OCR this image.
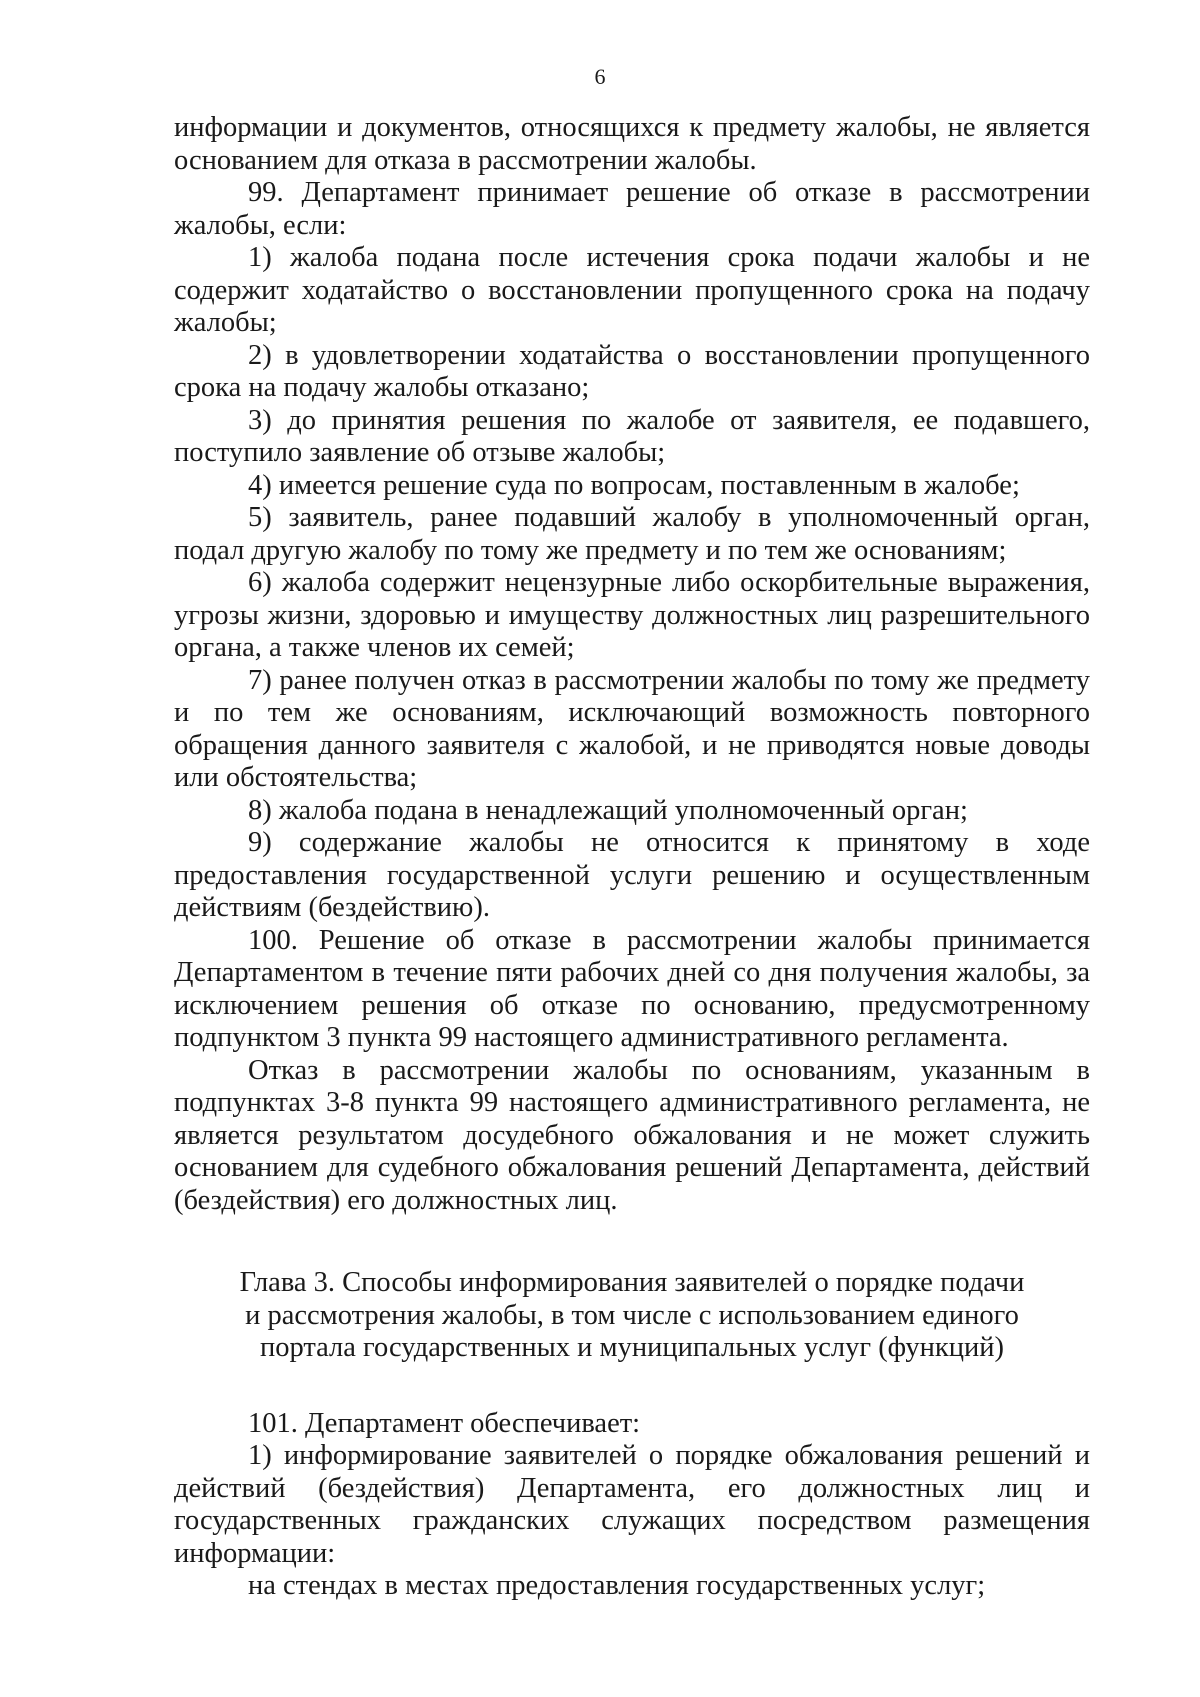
6

информации и документов, относящихся к предмету жалобы, не является основанием для отказа в рассмотрении жалобы.

99. Департамент принимает решение об отказе в рассмотрении жалобы, если:

1) жалоба подана после истечения срока подачи жалобы и не содержит ходатайство о восстановлении пропущенного срока на подачу жалобы;

2) в удовлетворении ходатайства о восстановлении пропущенного срока на подачу жалобы отказано;

3) до принятия решения по жалобе от заявителя, ее подавшего, поступило заявление об отзыве жалобы;

4) имеется решение суда по вопросам, поставленным в жалобе;

5) заявитель, ранее подавший жалобу в уполномоченный орган, подал другую жалобу по тому же предмету и по тем же основаниям;

6) жалоба содержит нецензурные либо оскорбительные выражения, угрозы жизни, здоровью и имуществу должностных лиц разрешительного органа, а также членов их семей;

7) ранее получен отказ в рассмотрении жалобы по тому же предмету и по тем же основаниям, исключающий возможность повторного обращения данного заявителя с жалобой, и не приводятся новые доводы или обстоятельства;

8) жалоба подана в ненадлежащий уполномоченный орган;

9) содержание жалобы не относится к принятому в ходе предоставления государственной услуги решению и осуществленным действиям (бездействию).

100. Решение об отказе в рассмотрении жалобы принимается Департаментом в течение пяти рабочих дней со дня получения жалобы, за исключением решения об отказе по основанию, предусмотренному подпунктом 3 пункта 99 настоящего административного регламента.

Отказ в рассмотрении жалобы по основаниям, указанным в подпунктах 3-8 пункта 99 настоящего административного регламента, не является результатом досудебного обжалования и не может служить основанием для судебного обжалования решений Департамента, действий (бездействия) его должностных лиц.

Глава 3. Способы информирования заявителей о порядке подачи
и рассмотрения жалобы, в том числе с использованием единого
портала государственных и муниципальных услуг (функций)

101. Департамент обеспечивает:

1) информирование заявителей о порядке обжалования решений и действий (бездействия) Департамента, его должностных лиц и государственных гражданских служащих посредством размещения информации:

на стендах в местах предоставления государственных услуг;
